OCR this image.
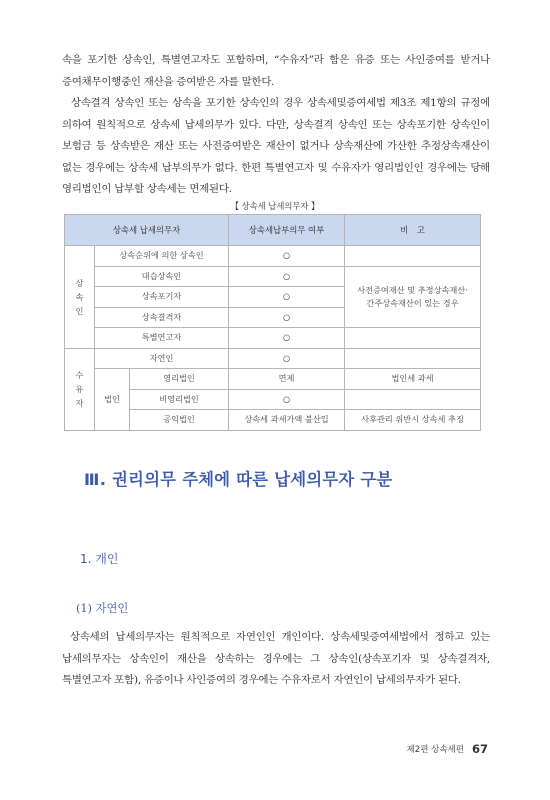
속을 포기한 상속인, 특별연고자도 포함하며, “수유자”라 함은 유증 또는 사인증여를 받거나 증여채무이행중인 재산을 증여받은 자를 말한다.

상속결격 상속인 또는 상속을 포기한 상속인의 경우 상속세및증여세법 제3조 제1항의 규정에 의하여 원칙적으로 상속세 납세의무가 있다. 다만, 상속결격 상속인 또는 상속포기한 상속인이 보험금 등 상속받은 재산 또는 사전증여받은 재산이 없거나 상속재산에 가산한 추정상속재산이 없는 경우에는 상속세 납부의무가 없다. 한편 특별연고자 및 수유자가 영리법인인 경우에는 당해 영리법인이 납부할 상속세는 면제된다.

【 상속세 납세의무자 】
상속세 납세의무자			상속세납부의무 여부	비　고
상속인	상속순위에 의한 상속인		○	
	대습상속인		○	사전증여재산 및 추정상속재산·간주상속재산이 있는 경우
	상속포기자		○	
	상속결격자		○	
	특별연고자		○	
수유자	자연인		○	
	법인	영리법인	면제	법인세 과세
		비영리법인	○	
		공익법인	상속세 과세가액 불산입	사후관리 위반시 상속세 추징
Ⅲ. 권리의무 주체에 따른 납세의무자 구분
1. 개인
(1) 자연인

상속세의 납세의무자는 원칙적으로 자연인인 개인이다. 상속세및증여세법에서 정하고 있는 납세의무자는 상속인이 재산을 상속하는 경우에는 그 상속인(상속포기자 및 상속결격자, 특별연고자 포함), 유증이나 사인증여의 경우에는 수유자로서 자연인이 납세의무자가 된다.

제2편 상속세편 67
